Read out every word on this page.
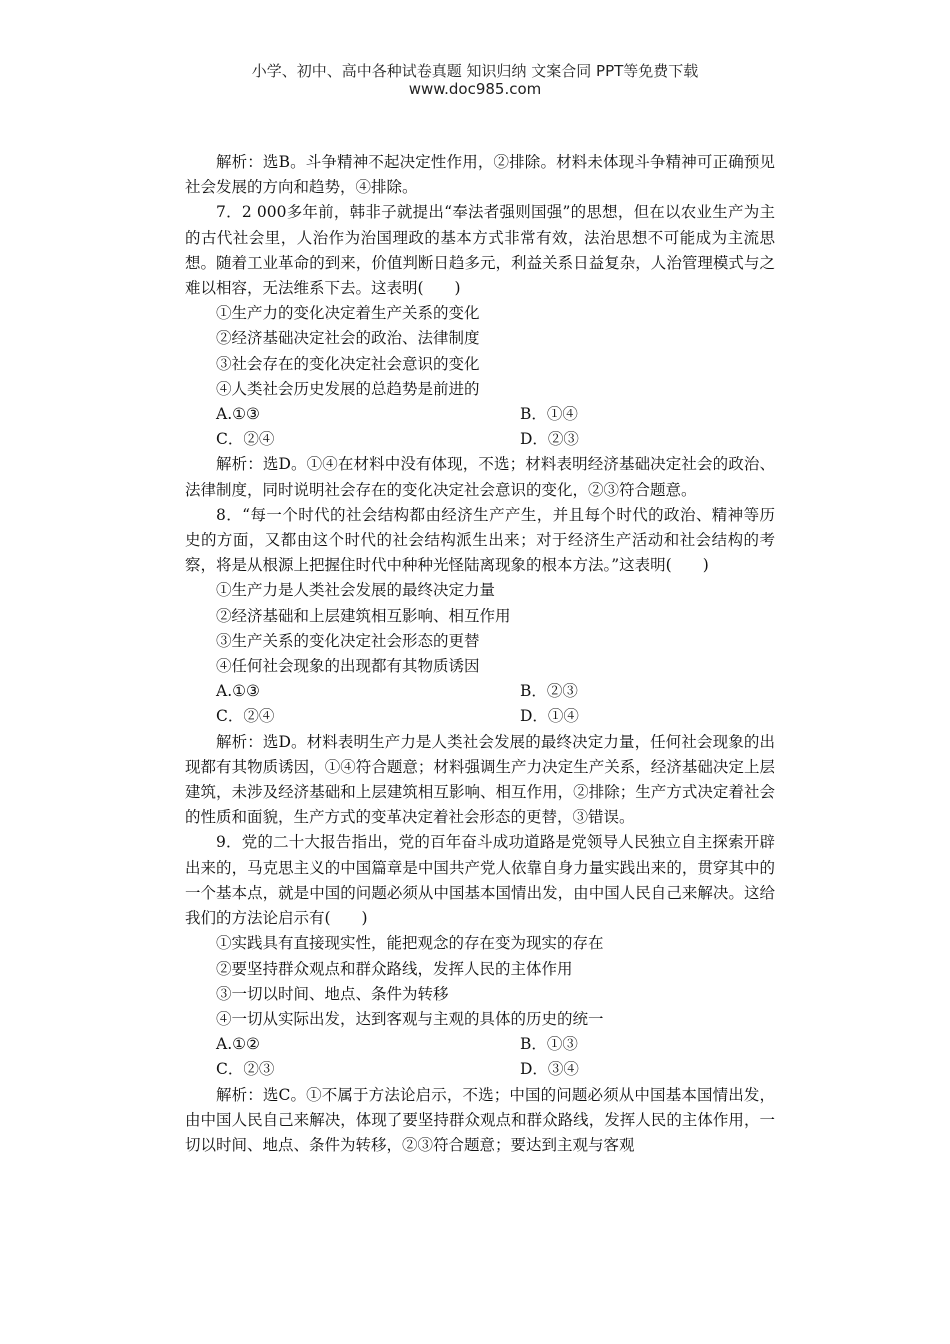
小学、初中、高中各种试卷真题 知识归纳 文案合同 PPT等免费下载
www.doc985.com

解析：选B。斗争精神不起决定性作用，②排除。材料未体现斗争精神可正确预见社会发展的方向和趋势，④排除。

7．2 000多年前，韩非子就提出“奉法者强则国强”的思想，但在以农业生产为主的古代社会里，人治作为治国理政的基本方式非常有效，法治思想不可能成为主流思想。随着工业革命的到来，价值判断日趋多元，利益关系日益复杂，人治管理模式与之难以相容，无法维系下去。这表明(　　)

①生产力的变化决定着生产关系的变化

②经济基础决定社会的政治、法律制度

③社会存在的变化决定社会意识的变化

④人类社会历史发展的总趋势是前进的

A.①③	B．①④
C．②④	D．②③

解析：选D。①④在材料中没有体现，不选；材料表明经济基础决定社会的政治、法律制度，同时说明社会存在的变化决定社会意识的变化，②③符合题意。

8．“每一个时代的社会结构都由经济生产产生，并且每个时代的政治、精神等历史的方面，又都由这个时代的社会结构派生出来；对于经济生产活动和社会结构的考察，将是从根源上把握住时代中种种光怪陆离现象的根本方法。”这表明(　　)

①生产力是人类社会发展的最终决定力量

②经济基础和上层建筑相互影响、相互作用

③生产关系的变化决定社会形态的更替

④任何社会现象的出现都有其物质诱因

A.①③	B．②③
C．②④	D．①④

解析：选D。材料表明生产力是人类社会发展的最终决定力量，任何社会现象的出现都有其物质诱因，①④符合题意；材料强调生产力决定生产关系，经济基础决定上层建筑，未涉及经济基础和上层建筑相互影响、相互作用，②排除；生产方式决定着社会的性质和面貌，生产方式的变革决定着社会形态的更替，③错误。

9．党的二十大报告指出，党的百年奋斗成功道路是党领导人民独立自主探索开辟出来的，马克思主义的中国篇章是中国共产党人依靠自身力量实践出来的，贯穿其中的一个基本点，就是中国的问题必须从中国基本国情出发，由中国人民自己来解决。这给我们的方法论启示有(　　)

①实践具有直接现实性，能把观念的存在变为现实的存在

②要坚持群众观点和群众路线，发挥人民的主体作用

③一切以时间、地点、条件为转移

④一切从实际出发，达到客观与主观的具体的历史的统一

A.①②	B．①③
C．②③	D．③④

解析：选C。①不属于方法论启示，不选；中国的问题必须从中国基本国情出发，由中国人民自己来解决，体现了要坚持群众观点和群众路线，发挥人民的主体作用，一切以时间、地点、条件为转移，②③符合题意；要达到主观与客观
